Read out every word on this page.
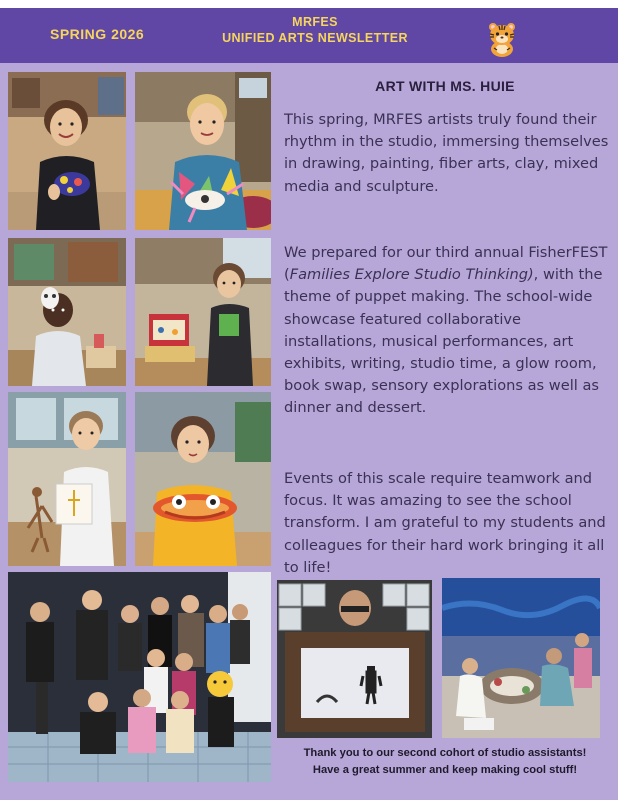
SPRING 2026
MRFES
UNIFIED ARTS NEWSLETTER
ART WITH MS. HUIE

This spring, MRFES artists truly found their rhythm in the studio, immersing themselves in drawing, painting, fiber arts, clay, mixed media and sculpture.

We prepared for our third annual FisherFEST (Families Explore Studio Thinking), with the theme of puppet making. The school-wide showcase featured collaborative installations, musical performances, art exhibits, writing, studio time, a glow room, book swap, sensory explorations as well as dinner and dessert.

Events of this scale require teamwork and focus. It was amazing to see the school transform. I am grateful to my students and colleagues for their hard work bringing it all to life!

Thank you to our second cohort of studio assistants!
Have a great summer and keep making cool stuff!
